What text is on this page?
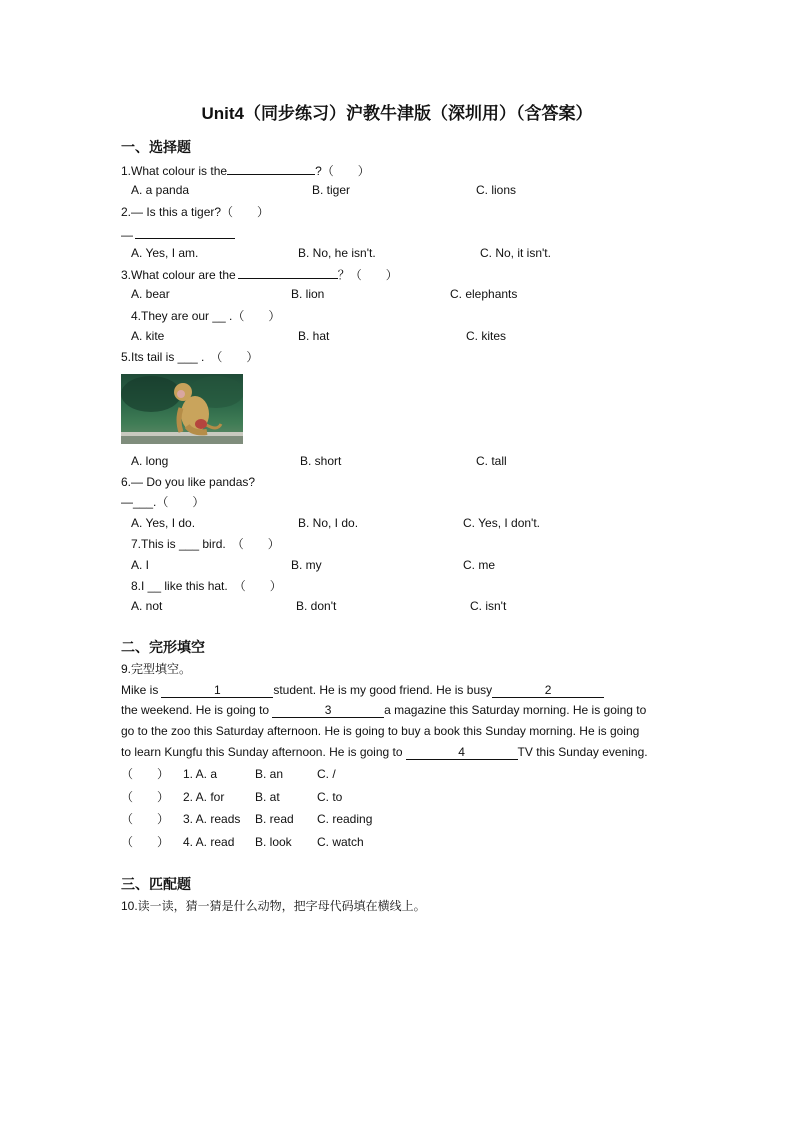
Unit4（同步练习）沪教牛津版（深圳用）（含答案）
一、选择题
1.What colour is the	?（　　）
A. a panda	B. tiger	C. lions
2.— Is this a tiger?（　　）
—
A. Yes, I am.	B. No, he isn't.	C. No, it isn't.
3.What colour are the	？（　　）
A. bear	B. lion	C. elephants
4.They are our __ .（　　）
A. kite	B. hat	C. kites
5.Its tail is ___ .　（　　）
A. long	B. short	C. tall
6.— Do you like pandas?
—___.（　　）
A. Yes, I do.	B. No, I do.	C. Yes, I don't.
7.This is ___ bird.　（　　）
A. I	B. my	C. me
8.I __ like this hat.　（　　）
A. not	B. don't	C. isn't
二、完形填空
9.完型填空。
Mike is	1	student. He is my good friend. He is busy	2
the weekend. He is going to	3	a magazine this Saturday morning. He is going to
go to the zoo this Saturday afternoon. He is going to buy a book this Sunday morning. He is going
to learn Kungfu this Sunday afternoon. He is going to	4	TV this Sunday evening.
（　　） 1. A. a	B. an	C. /
（　　） 2. A. for	B. at	C. to
（　　） 3. A. reads B. read C. reading
（　　） 4. A. read B. look C. watch
三、匹配题
10.读一读，猜一猜是什么动物，把字母代码填在横线上。
